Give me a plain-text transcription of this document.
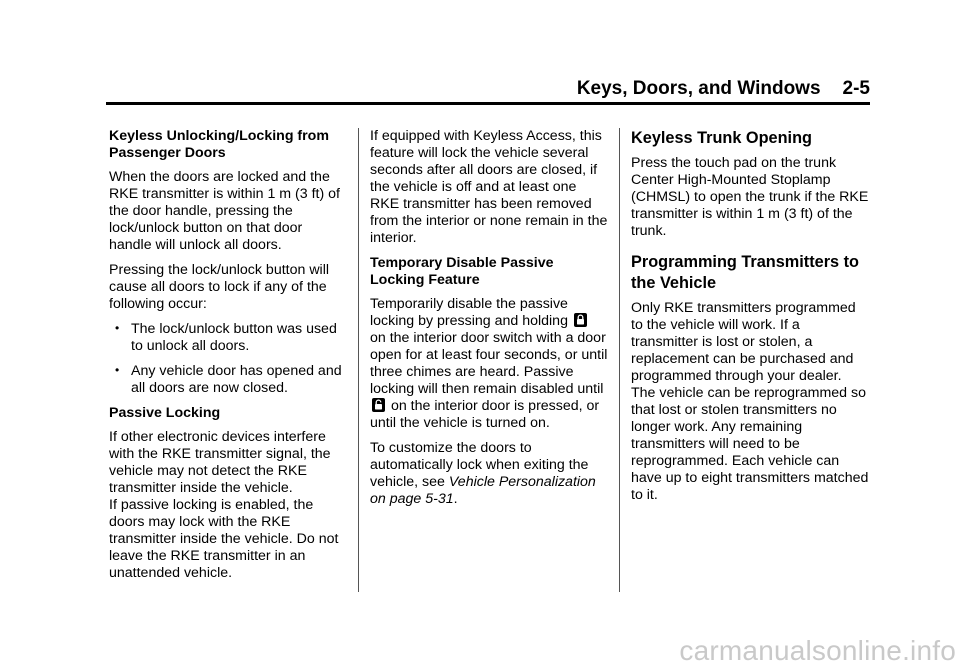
Keys, Doors, and Windows 2-5

Keyless Unlocking/Locking from Passenger Doors

When the doors are locked and the RKE transmitter is within 1 m (3 ft) of the door handle, pressing the lock/unlock button on that door handle will unlock all doors.

Pressing the lock/unlock button will cause all doors to lock if any of the following occur:

• The lock/unlock button was used to unlock all doors.
• Any vehicle door has opened and all doors are now closed.

Passive Locking

If other electronic devices interfere with the RKE transmitter signal, the vehicle may not detect the RKE transmitter inside the vehicle.

If passive locking is enabled, the doors may lock with the RKE transmitter inside the vehicle. Do not leave the RKE transmitter in an unattended vehicle.

If equipped with Keyless Access, this feature will lock the vehicle several seconds after all doors are closed, if the vehicle is off and at least one RKE transmitter has been removed from the interior or none remain in the interior.

Temporary Disable Passive Locking Feature

Temporarily disable the passive locking by pressing and holding  on the interior door switch with a door open for at least four seconds, or until three chimes are heard. Passive locking will then remain disabled until  on the interior door is pressed, or until the vehicle is turned on.

To customize the doors to automatically lock when exiting the vehicle, see Vehicle Personalization on page 5-31.

Keyless Trunk Opening

Press the touch pad on the trunk Center High-Mounted Stoplamp (CHMSL) to open the trunk if the RKE transmitter is within 1 m (3 ft) of the trunk.

Programming Transmitters to the Vehicle

Only RKE transmitters programmed to the vehicle will work. If a transmitter is lost or stolen, a replacement can be purchased and programmed through your dealer. The vehicle can be reprogrammed so that lost or stolen transmitters no longer work. Any remaining transmitters will need to be reprogrammed. Each vehicle can have up to eight transmitters matched to it.

carmanualsonline.info
